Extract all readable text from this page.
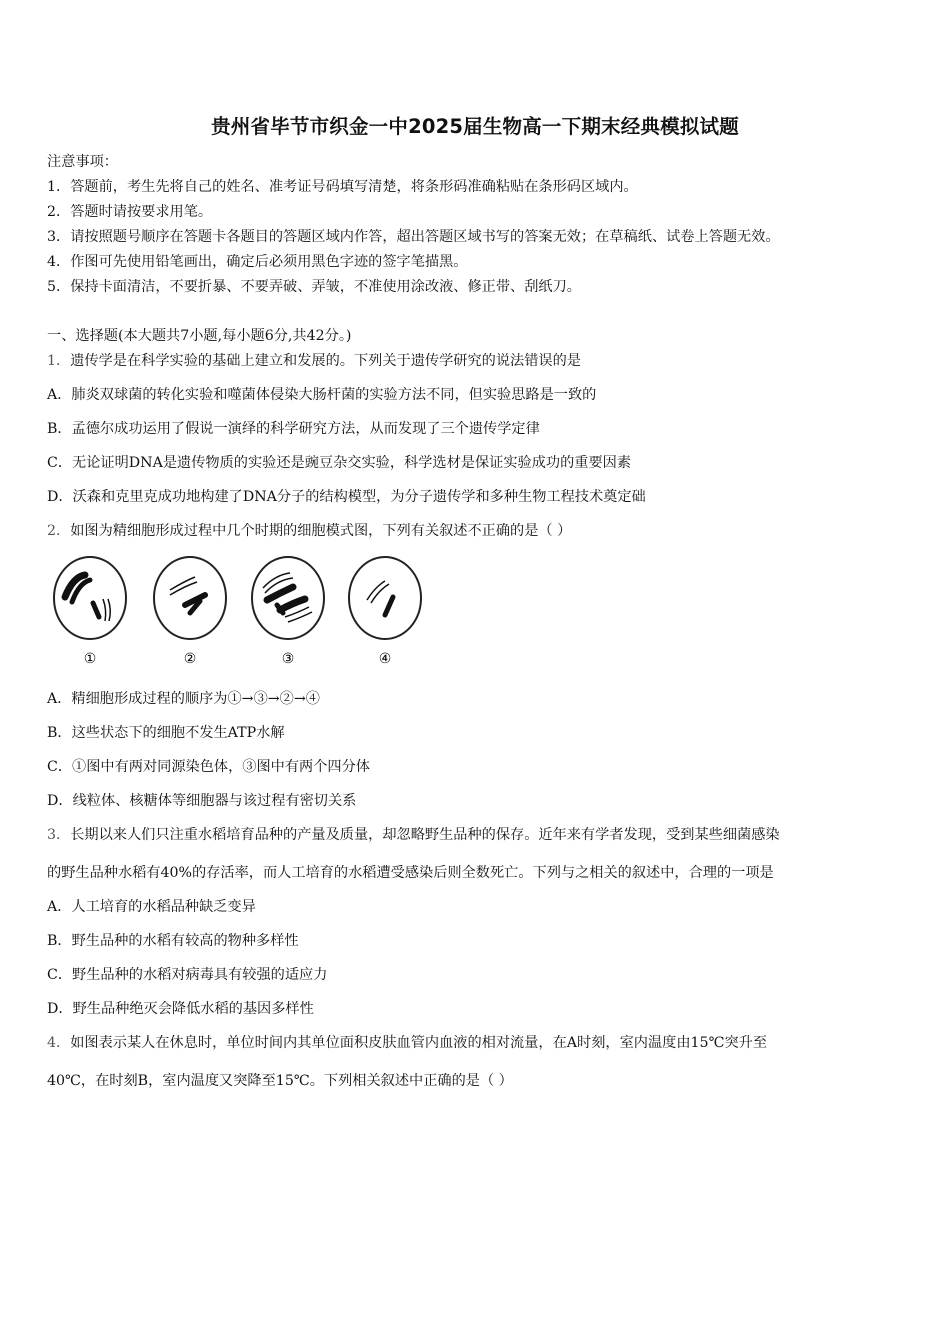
贵州省毕节市织金一中2025届生物高一下期末经典模拟试题
注意事项：
1．答题前，考生先将自己的姓名、准考证号码填写清楚，将条形码准确粘贴在条形码区域内。
2．答题时请按要求用笔。
3．请按照题号顺序在答题卡各题目的答题区域内作答，超出答题区域书写的答案无效；在草稿纸、试卷上答题无效。
4．作图可先使用铅笔画出，确定后必须用黑色字迹的签字笔描黑。
5．保持卡面清洁，不要折暴、不要弄破、弄皱，不准使用涂改液、修正带、刮纸刀。
一、选择题(本大题共7小题,每小题6分,共42分。)
1．遗传学是在科学实验的基础上建立和发展的。下列关于遗传学研究的说法错误的是
A．肺炎双球菌的转化实验和噬菌体侵染大肠杆菌的实验方法不同，但实验思路是一致的
B．孟德尔成功运用了假说一演绎的科学研究方法，从而发现了三个遗传学定律
C．无论证明DNA是遗传物质的实验还是豌豆杂交实验，科学选材是保证实验成功的重要因素
D．沃森和克里克成功地构建了DNA分子的结构模型，为分子遗传学和多种生物工程技术奠定础
2．如图为精细胞形成过程中几个时期的细胞模式图，下列有关叙述不正确的是（ ）
①	②	③	④
A．精细胞形成过程的顺序为①→③→②→④
B．这些状态下的细胞不发生ATP水解
C．①图中有两对同源染色体，③图中有两个四分体
D．线粒体、核糖体等细胞器与该过程有密切关系
3．长期以来人们只注重水稻培育品种的产量及质量，却忽略野生品种的保存。近年来有学者发现，受到某些细菌感染
的野生品种水稻有40%的存活率，而人工培育的水稻遭受感染后则全数死亡。下列与之相关的叙述中，合理的一项是
A．人工培育的水稻品种缺乏变异
B．野生品种的水稻有较高的物种多样性
C．野生品种的水稻对病毒具有较强的适应力
D．野生品种绝灭会降低水稻的基因多样性
4．如图表示某人在休息时，单位时间内其单位面积皮肤血管内血液的相对流量，在A时刻，室内温度由15℃突升至
40℃，在时刻B，室内温度又突降至15℃。下列相关叙述中正确的是（ ）
